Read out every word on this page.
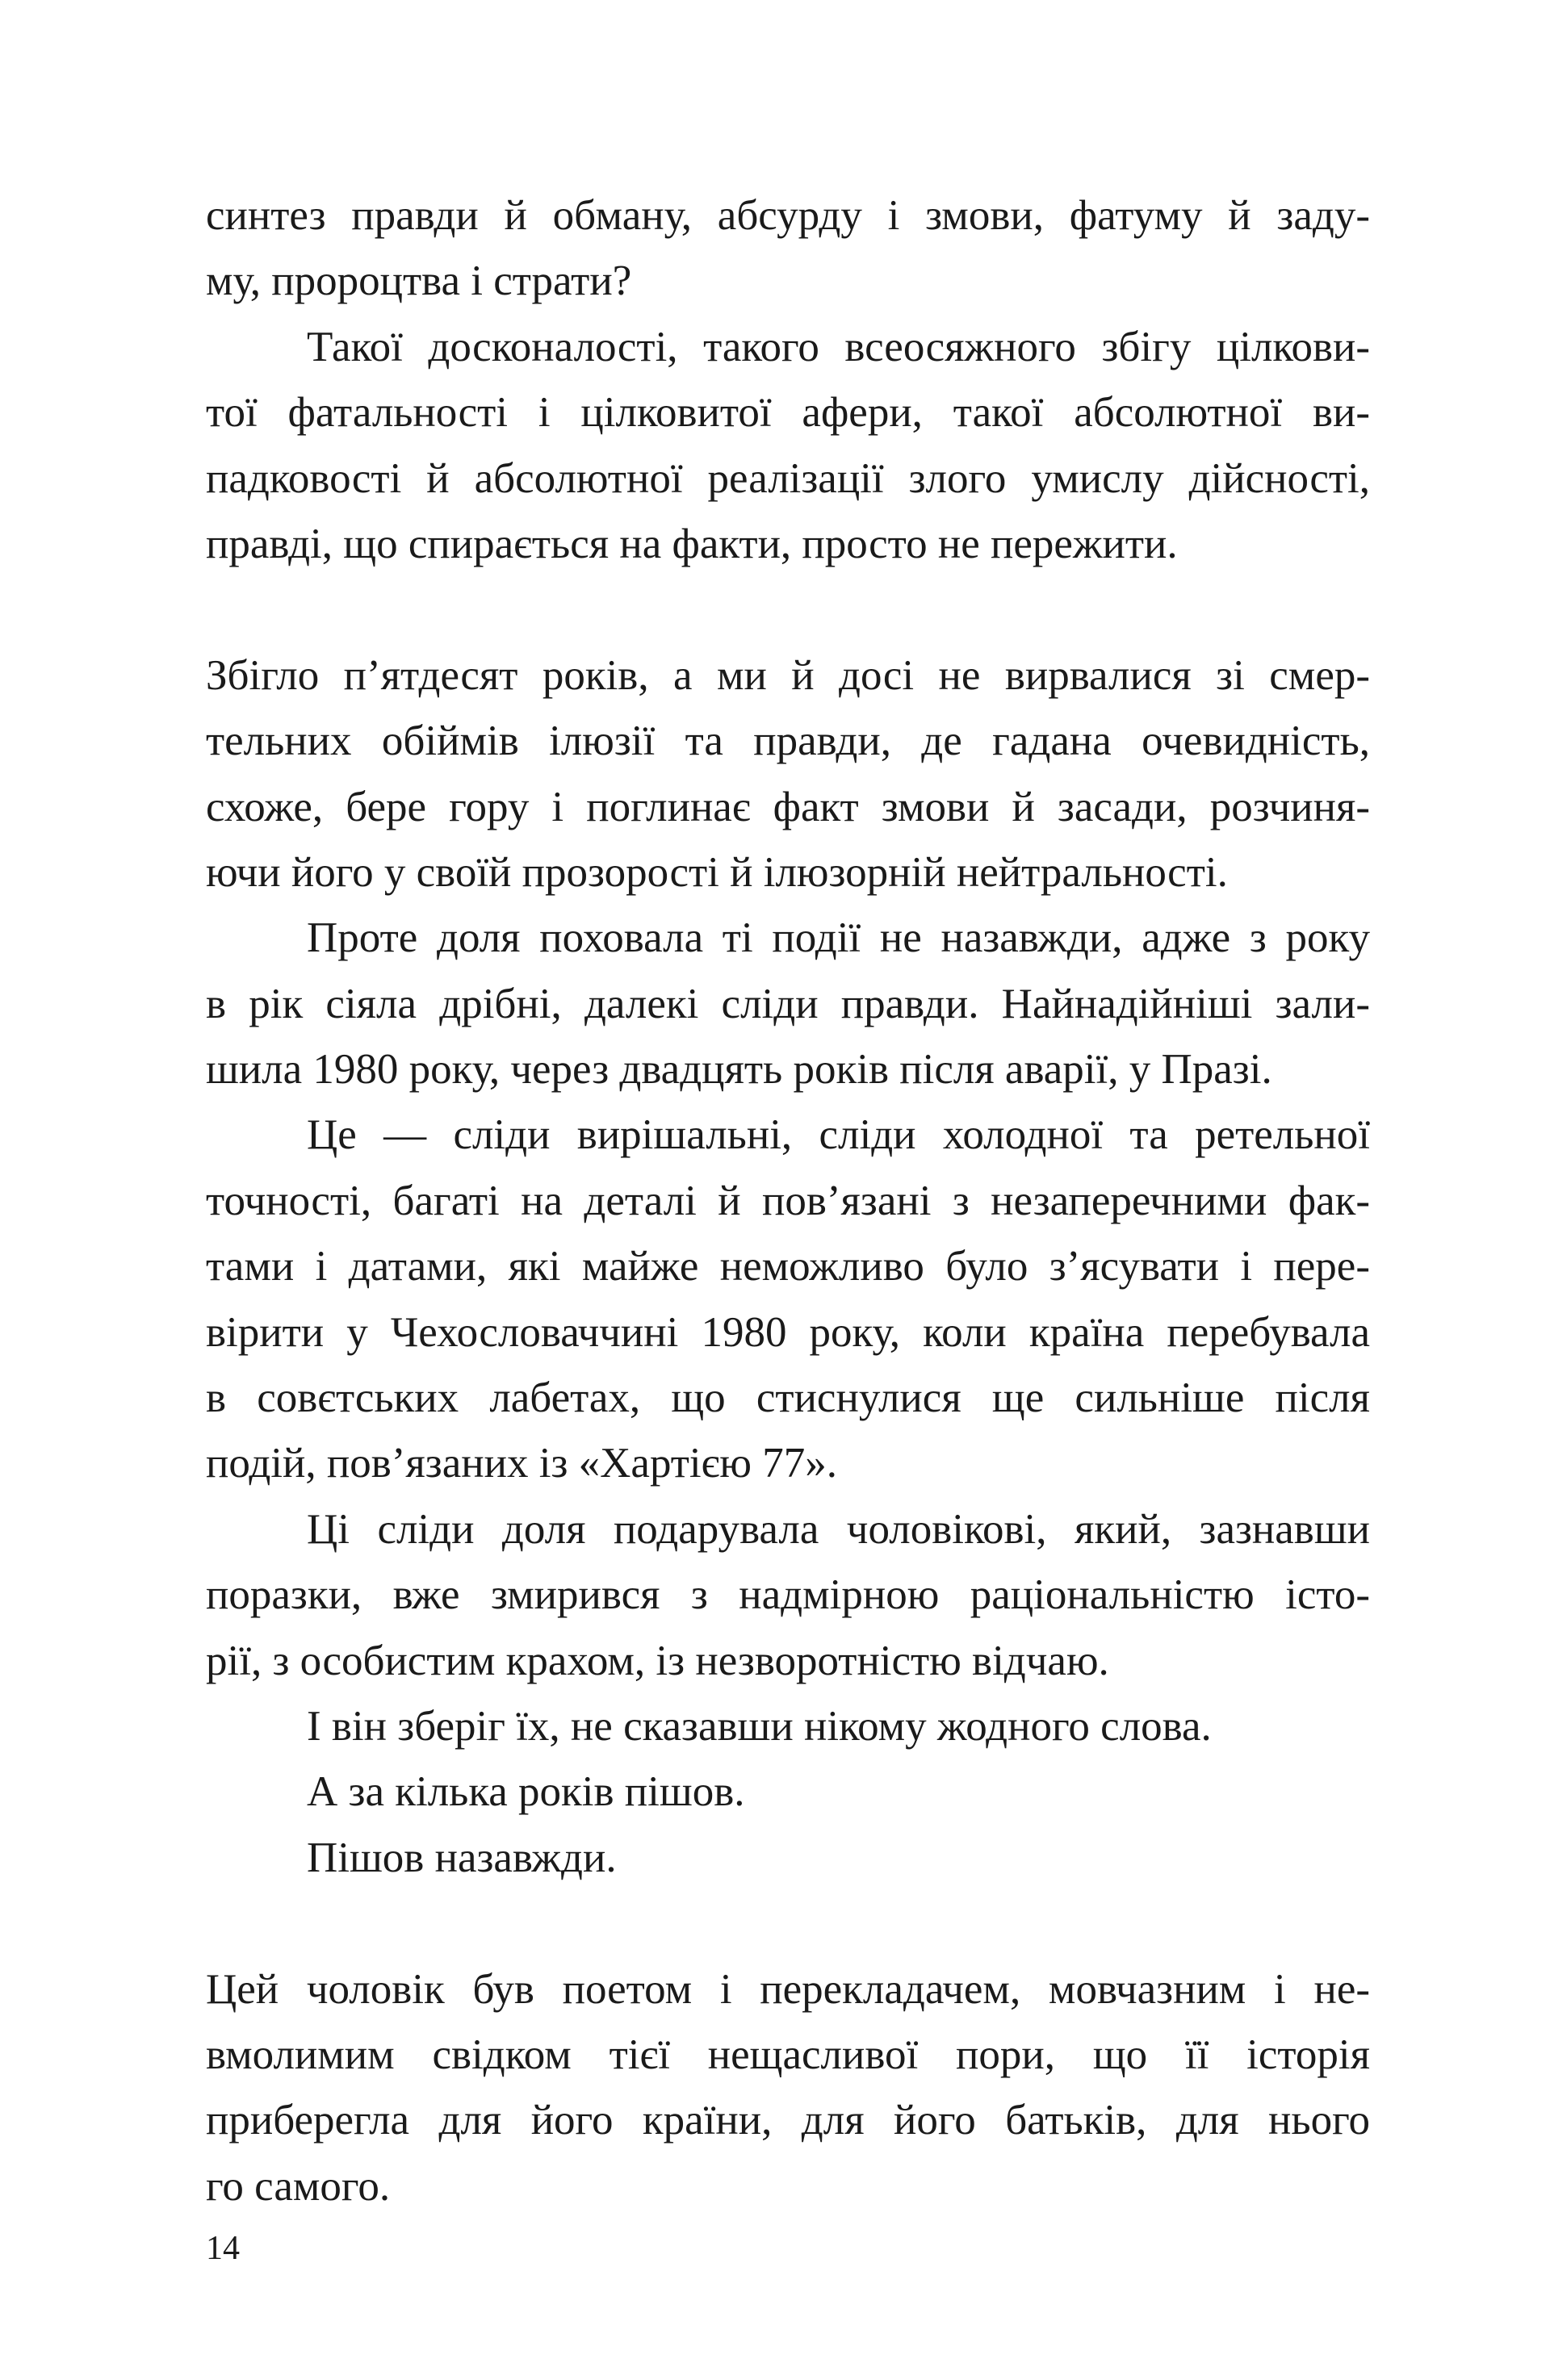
синтез правди й обману, абсурду і змови, фатуму й заду-
му, пророцтва і страти?
Такої досконалості, такого всеосяжного збігу цілкови-
тої фатальності і цілковитої афери, такої абсолютної ви-
падковості й абсолютної реалізації злого умислу дійсності,
правді, що спирається на факти, просто не пережити.
Збігло п’ятдесят років, а ми й досі не вирвалися зі смер-
тельних обіймів ілюзії та правди, де гадана очевидність,
схоже, бере гору і поглинає факт змови й засади, розчиня-
ючи його у своїй прозорості й ілюзорній нейтральності.
Проте доля поховала ті події не назавжди, адже з року
в рік сіяла дрібні, далекі сліди правди. Найнадійніші зали-
шила 1980 року, через двадцять років після аварії, у Празі.
Це — сліди вирішальні, сліди холодної та ретельної
точності, багаті на деталі й пов’язані з незаперечними фак-
тами і датами, які майже неможливо було з’ясувати і пере-
вірити у Чехословаччині 1980 року, коли країна перебувала
в совєтських лабетах, що стиснулися ще сильніше після
подій, пов’язаних із «Хартією 77».
Ці сліди доля подарувала чоловікові, який, зазнавши
поразки, вже змирився з надмірною раціональністю істо-
рії, з особистим крахом, із незворотністю відчаю.
І він зберіг їх, не сказавши нікому жодного слова.
А за кілька років пішов.
Пішов назавжди.
Цей чоловік був поетом і перекладачем, мовчазним і не-
вмолимим свідком тієї нещасливої пори, що її історія
приберегла для його країни, для його батьків, для нього
го самого.
14
